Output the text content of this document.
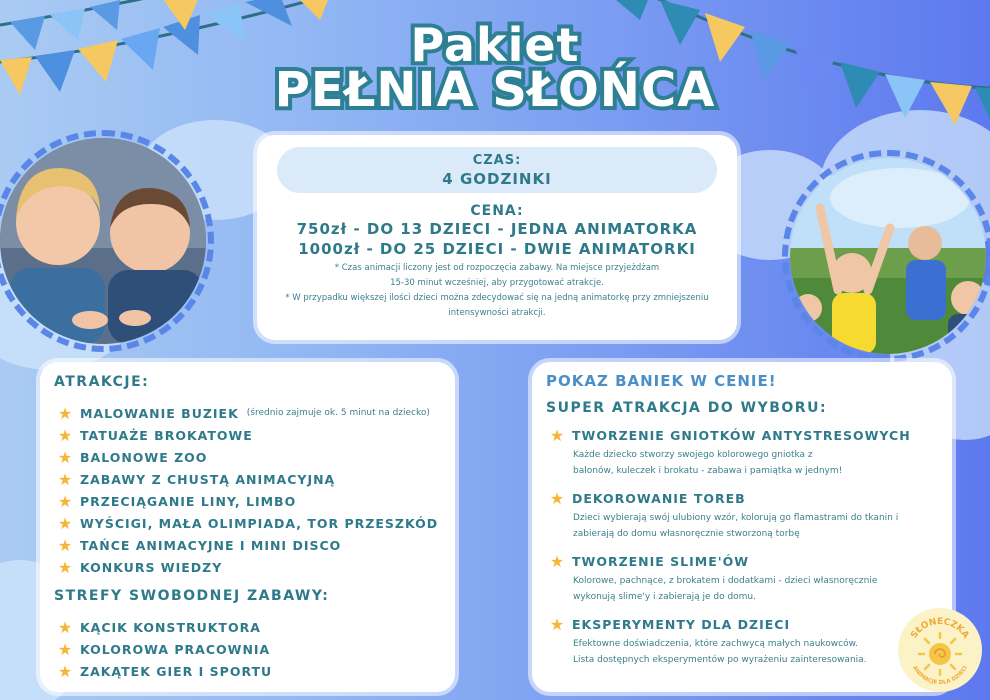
Pakiet
PEŁNIA SŁOŃCA
CZAS:
4 GODZINKI
CENA:
750zł - DO 13 DZIECI - JEDNA ANIMATORKA
1000zł - DO 25 DZIECI - DWIE ANIMATORKI
* Czas animacji liczony jest od rozpoczęcia zabawy. Na miejsce przyjeżdżam
15-30 minut wcześniej, aby przygotować atrakcje.
* W przypadku większej ilości dzieci można zdecydować się na jedną animatorkę przy zmniejszeniu
intensywności atrakcji.
ATRAKCJE:
★ MALOWANIE BUZIEK (średnio zajmuje ok. 5 minut na dziecko)
★ TATUAŻE BROKATOWE
★ BALONOWE ZOO
★ ZABAWY Z CHUSTĄ ANIMACYJNĄ
★ PRZECIĄGANIE LINY, LIMBO
★ WYŚCIGI, MAŁA OLIMPIADA, TOR PRZESZKÓD
★ TAŃCE ANIMACYJNE I MINI DISCO
★ KONKURS WIEDZY
STREFY SWOBODNEJ ZABAWY:
★ KĄCIK KONSTRUKTORA
★ KOLOROWA PRACOWNIA
★ ZAKĄTEK GIER I SPORTU
POKAZ BANIEK W CENIE!
SUPER ATRAKCJA DO WYBORU:
★ TWORZENIE GNIOTKÓW ANTYSTRESOWYCH
Każde dziecko stworzy swojego kolorowego gniotka z
balonów, kuleczek i brokatu - zabawa i pamiątka w jednym!
★ DEKOROWANIE TOREB
Dzieci wybierają swój ulubiony wzór, kolorują go flamastrami do tkanin i
zabierają do domu własnoręcznie stworzoną torbę
★ TWORZENIE SLIME'ÓW
Kolorowe, pachnące, z brokatem i dodatkami - dzieci własnoręcznie
wykonują slime'y i zabierają je do domu.
★ EKSPERYMENTY DLA DZIECI
Efektowne doświadczenia, które zachwycą małych naukowców.
Lista dostępnych eksperymentów po wyrażeniu zainteresowania.
SŁONECZKA
ANIMACJE DLA DZIECI
